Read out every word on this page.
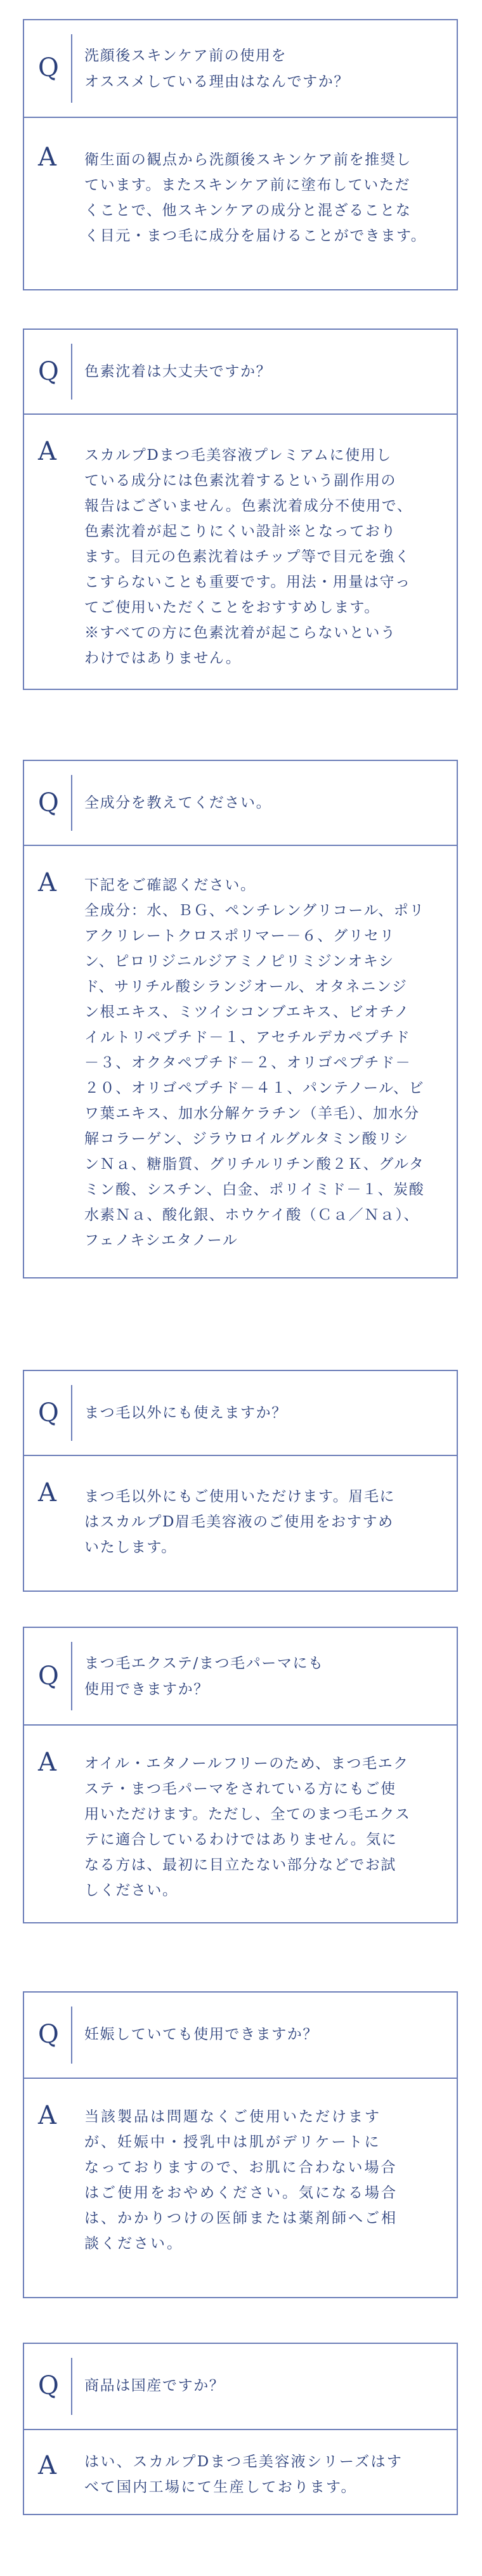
Q 洗顔後スキンケア前の使用を
オススメしている理由はなんですか？
A 衛生面の観点から洗顔後スキンケア前を推奨し
ています。またスキンケア前に塗布していただ
くことで、他スキンケアの成分と混ざることな
く目元・まつ毛に成分を届けることができます。
Q 色素沈着は大丈夫ですか？
A スカルプDまつ毛美容液プレミアムに使用し
ている成分には色素沈着するという副作用の
報告はございません。色素沈着成分不使用で、
色素沈着が起こりにくい設計※となっており
ます。目元の色素沈着はチップ等で目元を強く
こすらないことも重要です。用法・用量は守っ
てご使用いただくことをおすすめします。
※すべての方に色素沈着が起こらないという
わけではありません。
Q 全成分を教えてください。
A 下記をご確認ください。
全成分：水、ＢＧ、ペンチレングリコール、ポリ
アクリレートクロスポリマー－６、グリセリ
ン、ピロリジニルジアミノピリミジンオキシ
ド、サリチル酸シランジオール、オタネニンジ
ン根エキス、ミツイシコンブエキス、ビオチノ
イルトリペプチド－１、アセチルデカペプチド
－３、オクタペプチド－２、オリゴペプチド－
２０、オリゴペプチド－４１、パンテノール、ビ
ワ葉エキス、加水分解ケラチン（羊毛）、加水分
解コラーゲン、ジラウロイルグルタミン酸リシ
ンＮａ、糖脂質、グリチルリチン酸２Ｋ、グルタ
ミン酸、シスチン、白金、ポリイミド－１、炭酸
水素Ｎａ、酸化銀、ホウケイ酸（Ｃａ／Ｎａ）、
フェノキシエタノール
Q まつ毛以外にも使えますか？
A まつ毛以外にもご使用いただけます。眉毛に
はスカルプD眉毛美容液のご使用をおすすめ
いたします。
Q まつ毛エクステ/まつ毛パーマにも
使用できますか？
A オイル・エタノールフリーのため、まつ毛エク
ステ・まつ毛パーマをされている方にもご使
用いただけます。ただし、全てのまつ毛エクス
テに適合しているわけではありません。気に
なる方は、最初に目立たない部分などでお試
しください。
Q 妊娠していても使用できますか？
A 当該製品は問題なくご使用いただけます
が、妊娠中・授乳中は肌がデリケートに
なっておりますので、お肌に合わない場合
はご使用をおやめください。気になる場合
は、かかりつけの医師または薬剤師へご相
談ください。
Q 商品は国産ですか？
A はい、スカルプDまつ毛美容液シリーズはす
べて国内工場にて生産しております。
